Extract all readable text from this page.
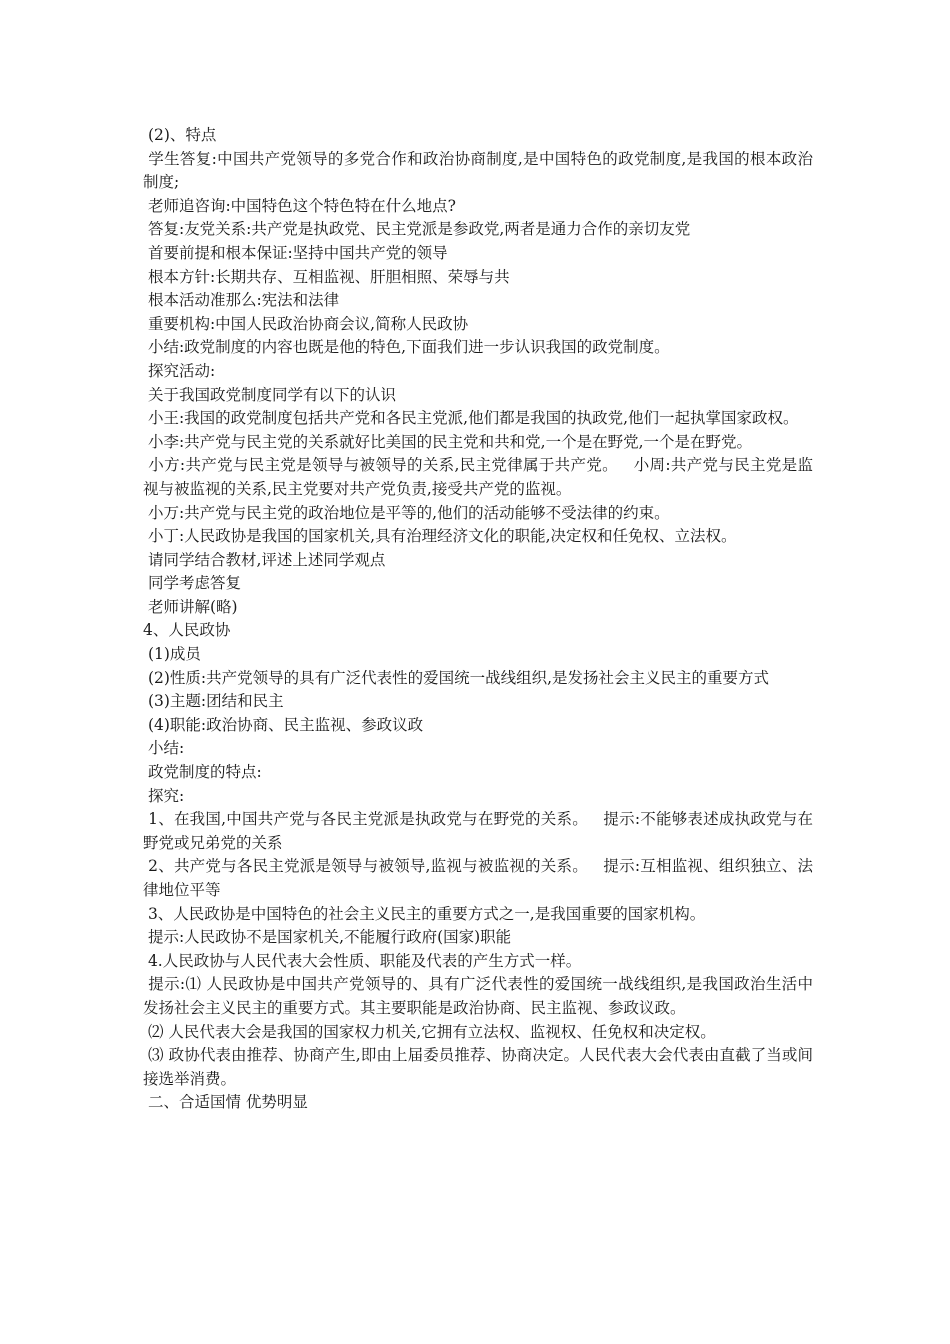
(2)、特点

学生答复:中国共产党领导的多党合作和政治协商制度,是中国特色的政党制度,是我国的根本政治制度;

老师追咨询:中国特色这个特色特在什么地点?

答复:友党关系:共产党是执政党、民主党派是参政党,两者是通力合作的亲切友党

首要前提和根本保证:坚持中国共产党的领导

根本方针:长期共存、互相监视、肝胆相照、荣辱与共

根本活动准那么:宪法和法律

重要机构:中国人民政治协商会议,简称人民政协

小结:政党制度的内容也既是他的特色,下面我们进一步认识我国的政党制度。

探究活动:

关于我国政党制度同学有以下的认识

小王:我国的政党制度包括共产党和各民主党派,他们都是我国的执政党,他们一起执掌国家政权。

小李:共产党与民主党的关系就好比美国的民主党和共和党,一个是在野党,一个是在野党。

小方:共产党与民主党是领导与被领导的关系,民主党律属于共产党。   小周:共产党与民主党是监视与被监视的关系,民主党要对共产党负责,接受共产党的监视。

小万:共产党与民主党的政治地位是平等的,他们的活动能够不受法律的约束。

小丁:人民政协是我国的国家机关,具有治理经济文化的职能,决定权和任免权、立法权。

请同学结合教材,评述上述同学观点

同学考虑答复

老师讲解(略)

4、人民政协

(1)成员

(2)性质:共产党领导的具有广泛代表性的爱国统一战线组织,是发扬社会主义民主的重要方式

(3)主题:团结和民主

(4)职能:政治协商、民主监视、参政议政

小结:

政党制度的特点:

探究:

1、在我国,中国共产党与各民主党派是执政党与在野党的关系。   提示:不能够表述成执政党与在野党或兄弟党的关系

2、共产党与各民主党派是领导与被领导,监视与被监视的关系。   提示:互相监视、组织独立、法律地位平等

3、人民政协是中国特色的社会主义民主的重要方式之一,是我国重要的国家机构。

提示:人民政协不是国家机关,不能履行政府(国家)职能

4.人民政协与人民代表大会性质、职能及代表的产生方式一样。

提示:⑴ 人民政协是中国共产党领导的、具有广泛代表性的爱国统一战线组织,是我国政治生活中发扬社会主义民主的重要方式。其主要职能是政治协商、民主监视、参政议政。

⑵ 人民代表大会是我国的国家权力机关,它拥有立法权、监视权、任免权和决定权。

⑶ 政协代表由推荐、协商产生,即由上届委员推荐、协商决定。人民代表大会代表由直截了当或间接选举消费。

二、合适国情 优势明显
